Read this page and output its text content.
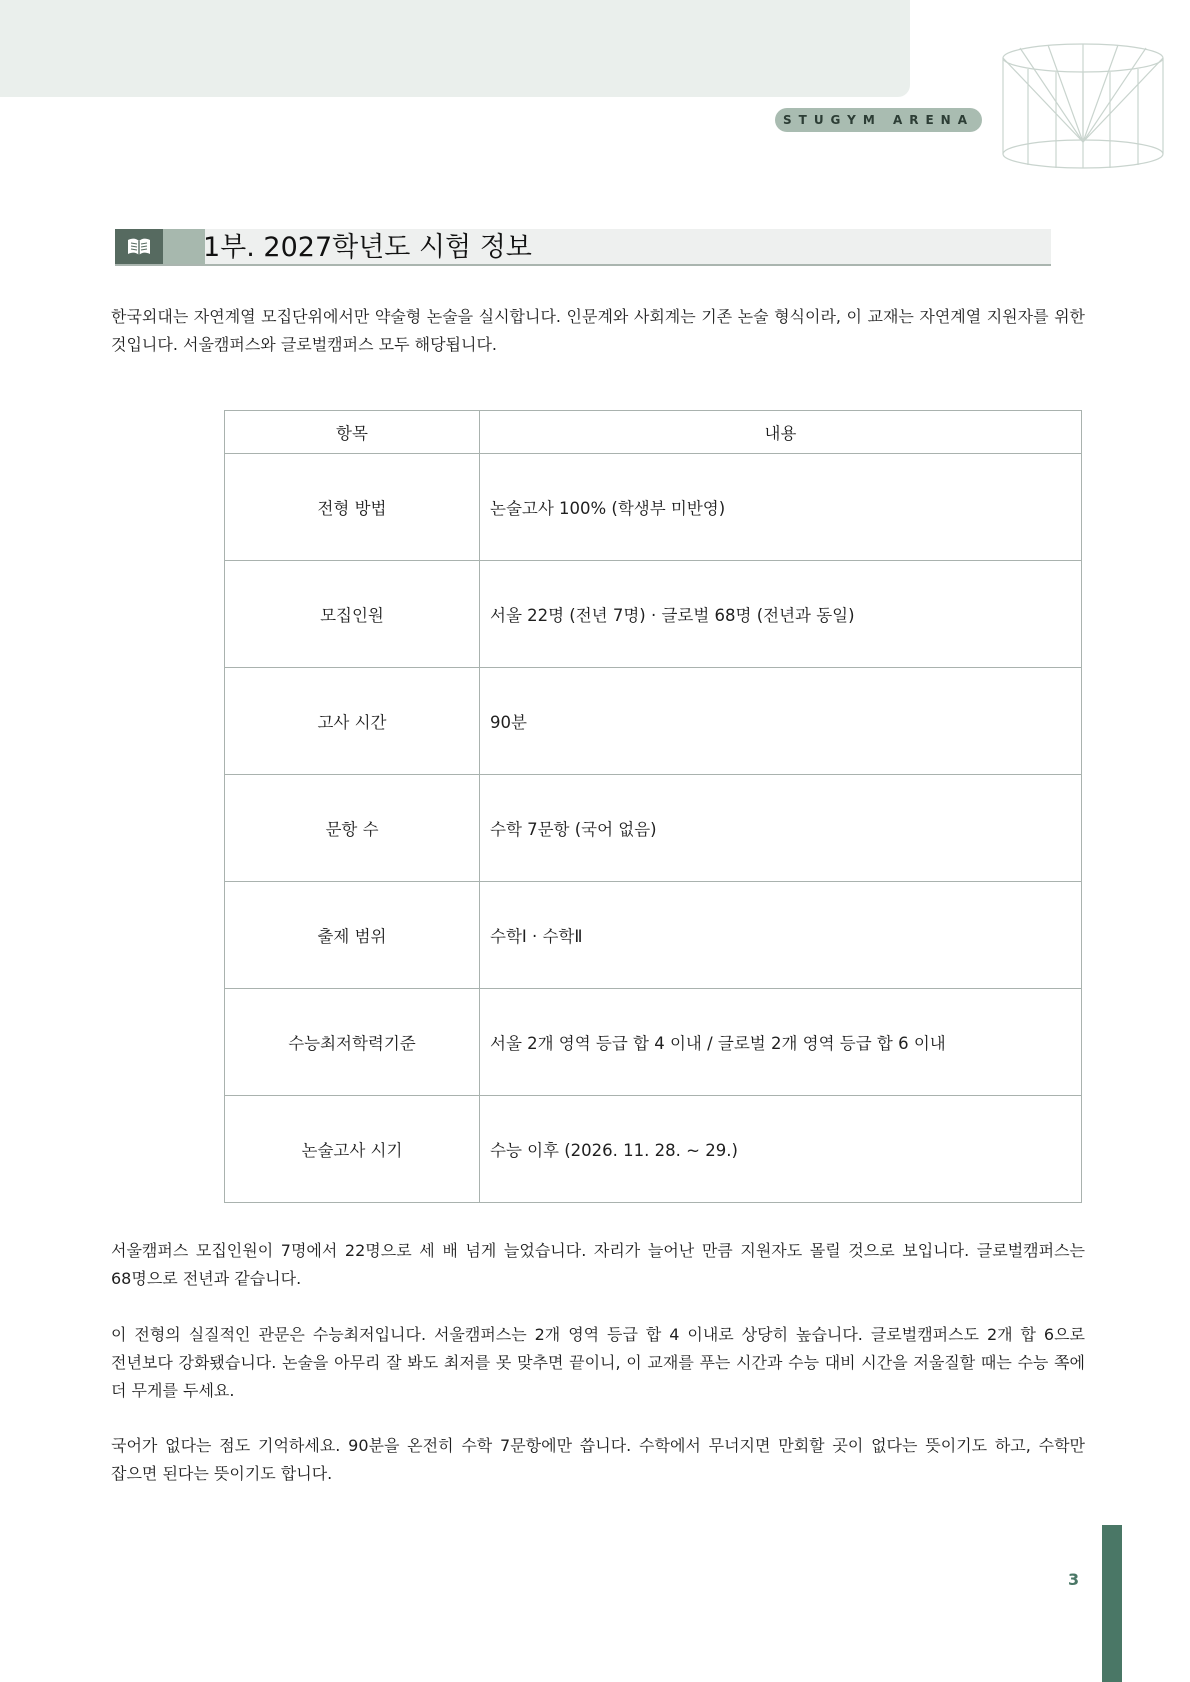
STUGYM ARENA
1부. 2027학년도 시험 정보

한국외대는 자연계열 모집단위에서만 약술형 논술을 실시합니다. 인문계와 사회계는 기존 논술 형식이라, 이 교재는 자연계열 지원자를 위한 것입니다. 서울캠퍼스와 글로벌캠퍼스 모두 해당됩니다.

항목	내용
전형 방법	논술고사 100% (학생부 미반영)
모집인원	서울 22명 (전년 7명) · 글로벌 68명 (전년과 동일)
고사 시간	90분
문항 수	수학 7문항 (국어 없음)
출제 범위	수학Ⅰ · 수학Ⅱ
수능최저학력기준	서울 2개 영역 등급 합 4 이내 / 글로벌 2개 영역 등급 합 6 이내
논술고사 시기	수능 이후 (2026. 11. 28. ~ 29.)

서울캠퍼스 모집인원이 7명에서 22명으로 세 배 넘게 늘었습니다. 자리가 늘어난 만큼 지원자도 몰릴 것으로 보입니다. 글로벌캠퍼스는 68명으로 전년과 같습니다.

이 전형의 실질적인 관문은 수능최저입니다. 서울캠퍼스는 2개 영역 등급 합 4 이내로 상당히 높습니다. 글로벌캠퍼스도 2개 합 6으로 전년보다 강화됐습니다. 논술을 아무리 잘 봐도 최저를 못 맞추면 끝이니, 이 교재를 푸는 시간과 수능 대비 시간을 저울질할 때는 수능 쪽에 더 무게를 두세요.

국어가 없다는 점도 기억하세요. 90분을 온전히 수학 7문항에만 씁니다. 수학에서 무너지면 만회할 곳이 없다는 뜻이기도 하고, 수학만 잡으면 된다는 뜻이기도 합니다.

3
